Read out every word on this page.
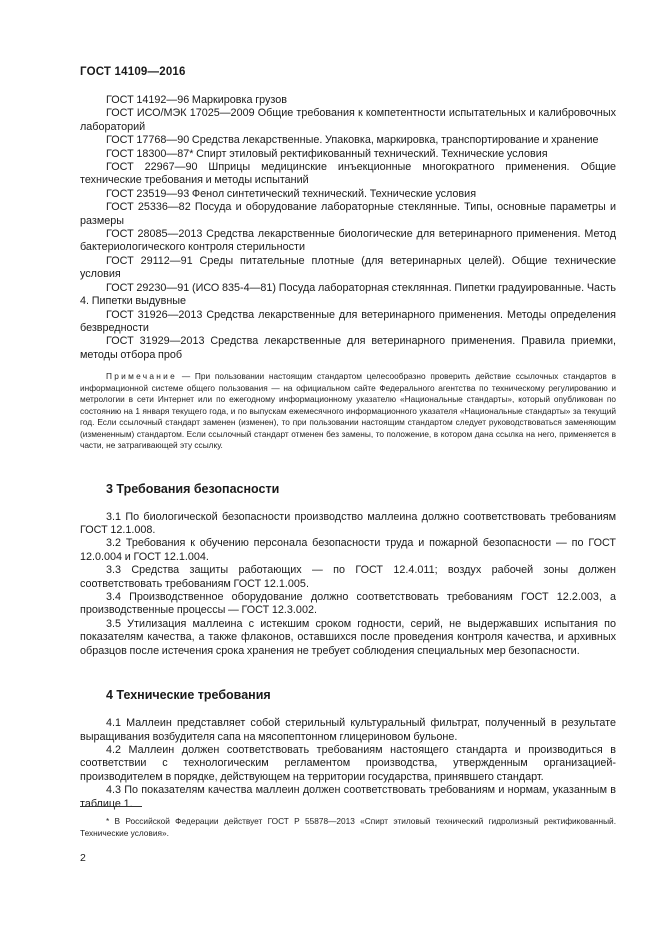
ГОСТ 14109—2016

ГОСТ 14192—96 Маркировка грузов

ГОСТ ИСО/МЭК 17025—2009 Общие требования к компетентности испытательных и калибровочных лабораторий

ГОСТ 17768—90 Средства лекарственные. Упаковка, маркировка, транспортирование и хранение

ГОСТ 18300—87* Спирт этиловый ректификованный технический. Технические условия

ГОСТ 22967—90 Шприцы медицинские инъекционные многократного применения. Общие технические требования и методы испытаний

ГОСТ 23519—93 Фенол синтетический технический. Технические условия

ГОСТ 25336—82 Посуда и оборудование лабораторные стеклянные. Типы, основные параметры и размеры

ГОСТ 28085—2013 Средства лекарственные биологические для ветеринарного применения. Метод бактериологического контроля стерильности

ГОСТ 29112—91 Среды питательные плотные (для ветеринарных целей). Общие технические условия

ГОСТ 29230—91 (ИСО 835-4—81) Посуда лабораторная стеклянная. Пипетки градуированные. Часть 4. Пипетки выдувные

ГОСТ 31926—2013 Средства лекарственные для ветеринарного применения. Методы определения безвредности

ГОСТ 31929—2013 Средства лекарственные для ветеринарного применения. Правила приемки, методы отбора проб

Примечание — При пользовании настоящим стандартом целесообразно проверить действие ссылочных стандартов в информационной системе общего пользования — на официальном сайте Федерального агентства по техническому регулированию и метрологии в сети Интернет или по ежегодному информационному указателю «Национальные стандарты», который опубликован по состоянию на 1 января текущего года, и по выпускам ежемесячного информационного указателя «Национальные стандарты» за текущий год. Если ссылочный стандарт заменен (изменен), то при пользовании настоящим стандартом следует руководствоваться заменяющим (измененным) стандартом. Если ссылочный стандарт отменен без замены, то положение, в котором дана ссылка на него, применяется в части, не затрагивающей эту ссылку.

3 Требования безопасности

3.1 По биологической безопасности производство маллеина должно соответствовать требованиям ГОСТ 12.1.008.

3.2 Требования к обучению персонала безопасности труда и пожарной безопасности — по ГОСТ 12.0.004 и ГОСТ 12.1.004.

3.3 Средства защиты работающих — по ГОСТ 12.4.011; воздух рабочей зоны должен соответствовать требованиям ГОСТ 12.1.005.

3.4 Производственное оборудование должно соответствовать требованиям ГОСТ 12.2.003, а производственные процессы — ГОСТ 12.3.002.

3.5 Утилизация маллеина с истекшим сроком годности, серий, не выдержавших испытания по показателям качества, а также флаконов, оставшихся после проведения контроля качества, и архивных образцов после истечения срока хранения не требует соблюдения специальных мер безопасности.

4 Технические требования

4.1 Маллеин представляет собой стерильный культуральный фильтрат, полученный в результате выращивания возбудителя сапа на мясопептонном глицериновом бульоне.

4.2 Маллеин должен соответствовать требованиям настоящего стандарта и производиться в соответствии с технологическим регламентом производства, утвержденным организацией-производителем в порядке, действующем на территории государства, принявшего стандарт.

4.3 По показателям качества маллеин должен соответствовать требованиям и нормам, указанным в таблице 1.

* В Российской Федерации действует ГОСТ Р 55878—2013 «Спирт этиловый технический гидролизный ректификованный. Технические условия».

2
